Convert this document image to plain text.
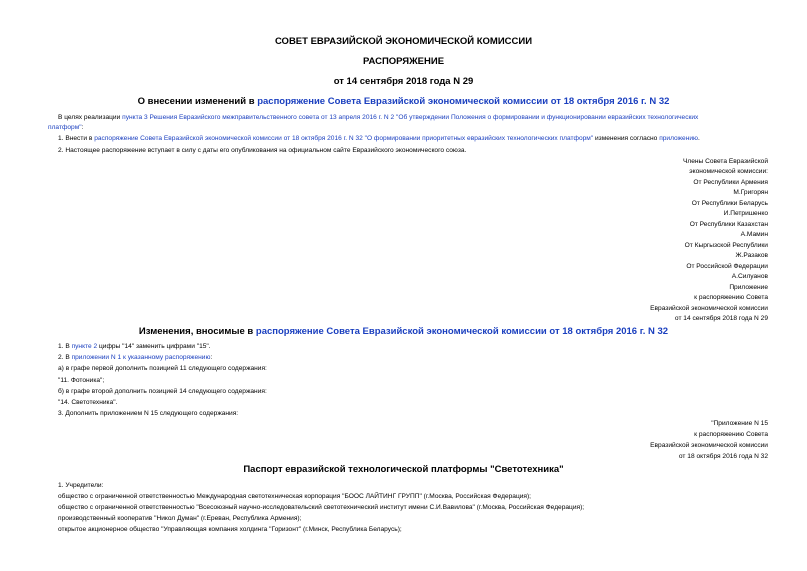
СОВЕТ ЕВРАЗИЙСКОЙ ЭКОНОМИЧЕСКОЙ КОМИССИИ
РАСПОРЯЖЕНИЕ
от 14 сентября 2018 года N 29
О внесении изменений в распоряжение Совета Евразийской экономической комиссии от 18 октября 2016 г. N 32
В целях реализации пункта 3 Решения Евразийского межправительственного совета от 13 апреля 2016 г. N 2 "Об утверждении Положения о формировании и функционировании евразийских технологических
платформ":
1. Внести в распоряжение Совета Евразийской экономической комиссии от 18 октября 2016 г. N 32 "О формировании приоритетных евразийских технологических платформ" изменения согласно приложению.
2. Настоящее распоряжение вступает в силу с даты его опубликования на официальном сайте Евразийского экономического союза.
Члены Совета Евразийской
экономической комиссии:
От Республики Армения
М.Григорян
От Республики Беларусь
И.Петришенко
От Республики Казахстан
А.Мамин
От Кыргызской Республики
Ж.Разаков
От Российской Федерации
А.Силуанов
Приложение
к распоряжению Совета
Евразийской экономической комиссии
от 14 сентября 2018 года N 29
Изменения, вносимые в распоряжение Совета Евразийской экономической комиссии от 18 октября 2016 г. N 32
1. В пункте 2 цифры "14" заменить цифрами "15".
2. В приложении N 1 к указанному распоряжению:
а) в графе первой дополнить позицией 11 следующего содержания:
"11. Фотоника";
б) в графе второй дополнить позицией 14 следующего содержания:
"14. Светотехника".
3. Дополнить приложением N 15 следующего содержания:
"Приложение N 15
к распоряжению Совета
Евразийской экономической комиссии
от 18 октября 2016 года N 32
Паспорт евразийской технологической платформы "Светотехника"
1. Учредители:
общество с ограниченной ответственностью Международная светотехническая корпорация "БООС ЛАЙТИНГ ГРУПП" (г.Москва, Российская Федерация);
общество с ограниченной ответственностью "Всесоюзный научно-исследовательский светотехнический институт имени С.И.Вавилова" (г.Москва, Российская Федерация);
производственный кооператив "Никол Думан" (г.Ереван, Республика Армения);
открытое акционерное общество "Управляющая компания холдинга "Горизонт" (г.Минск, Республика Беларусь);
